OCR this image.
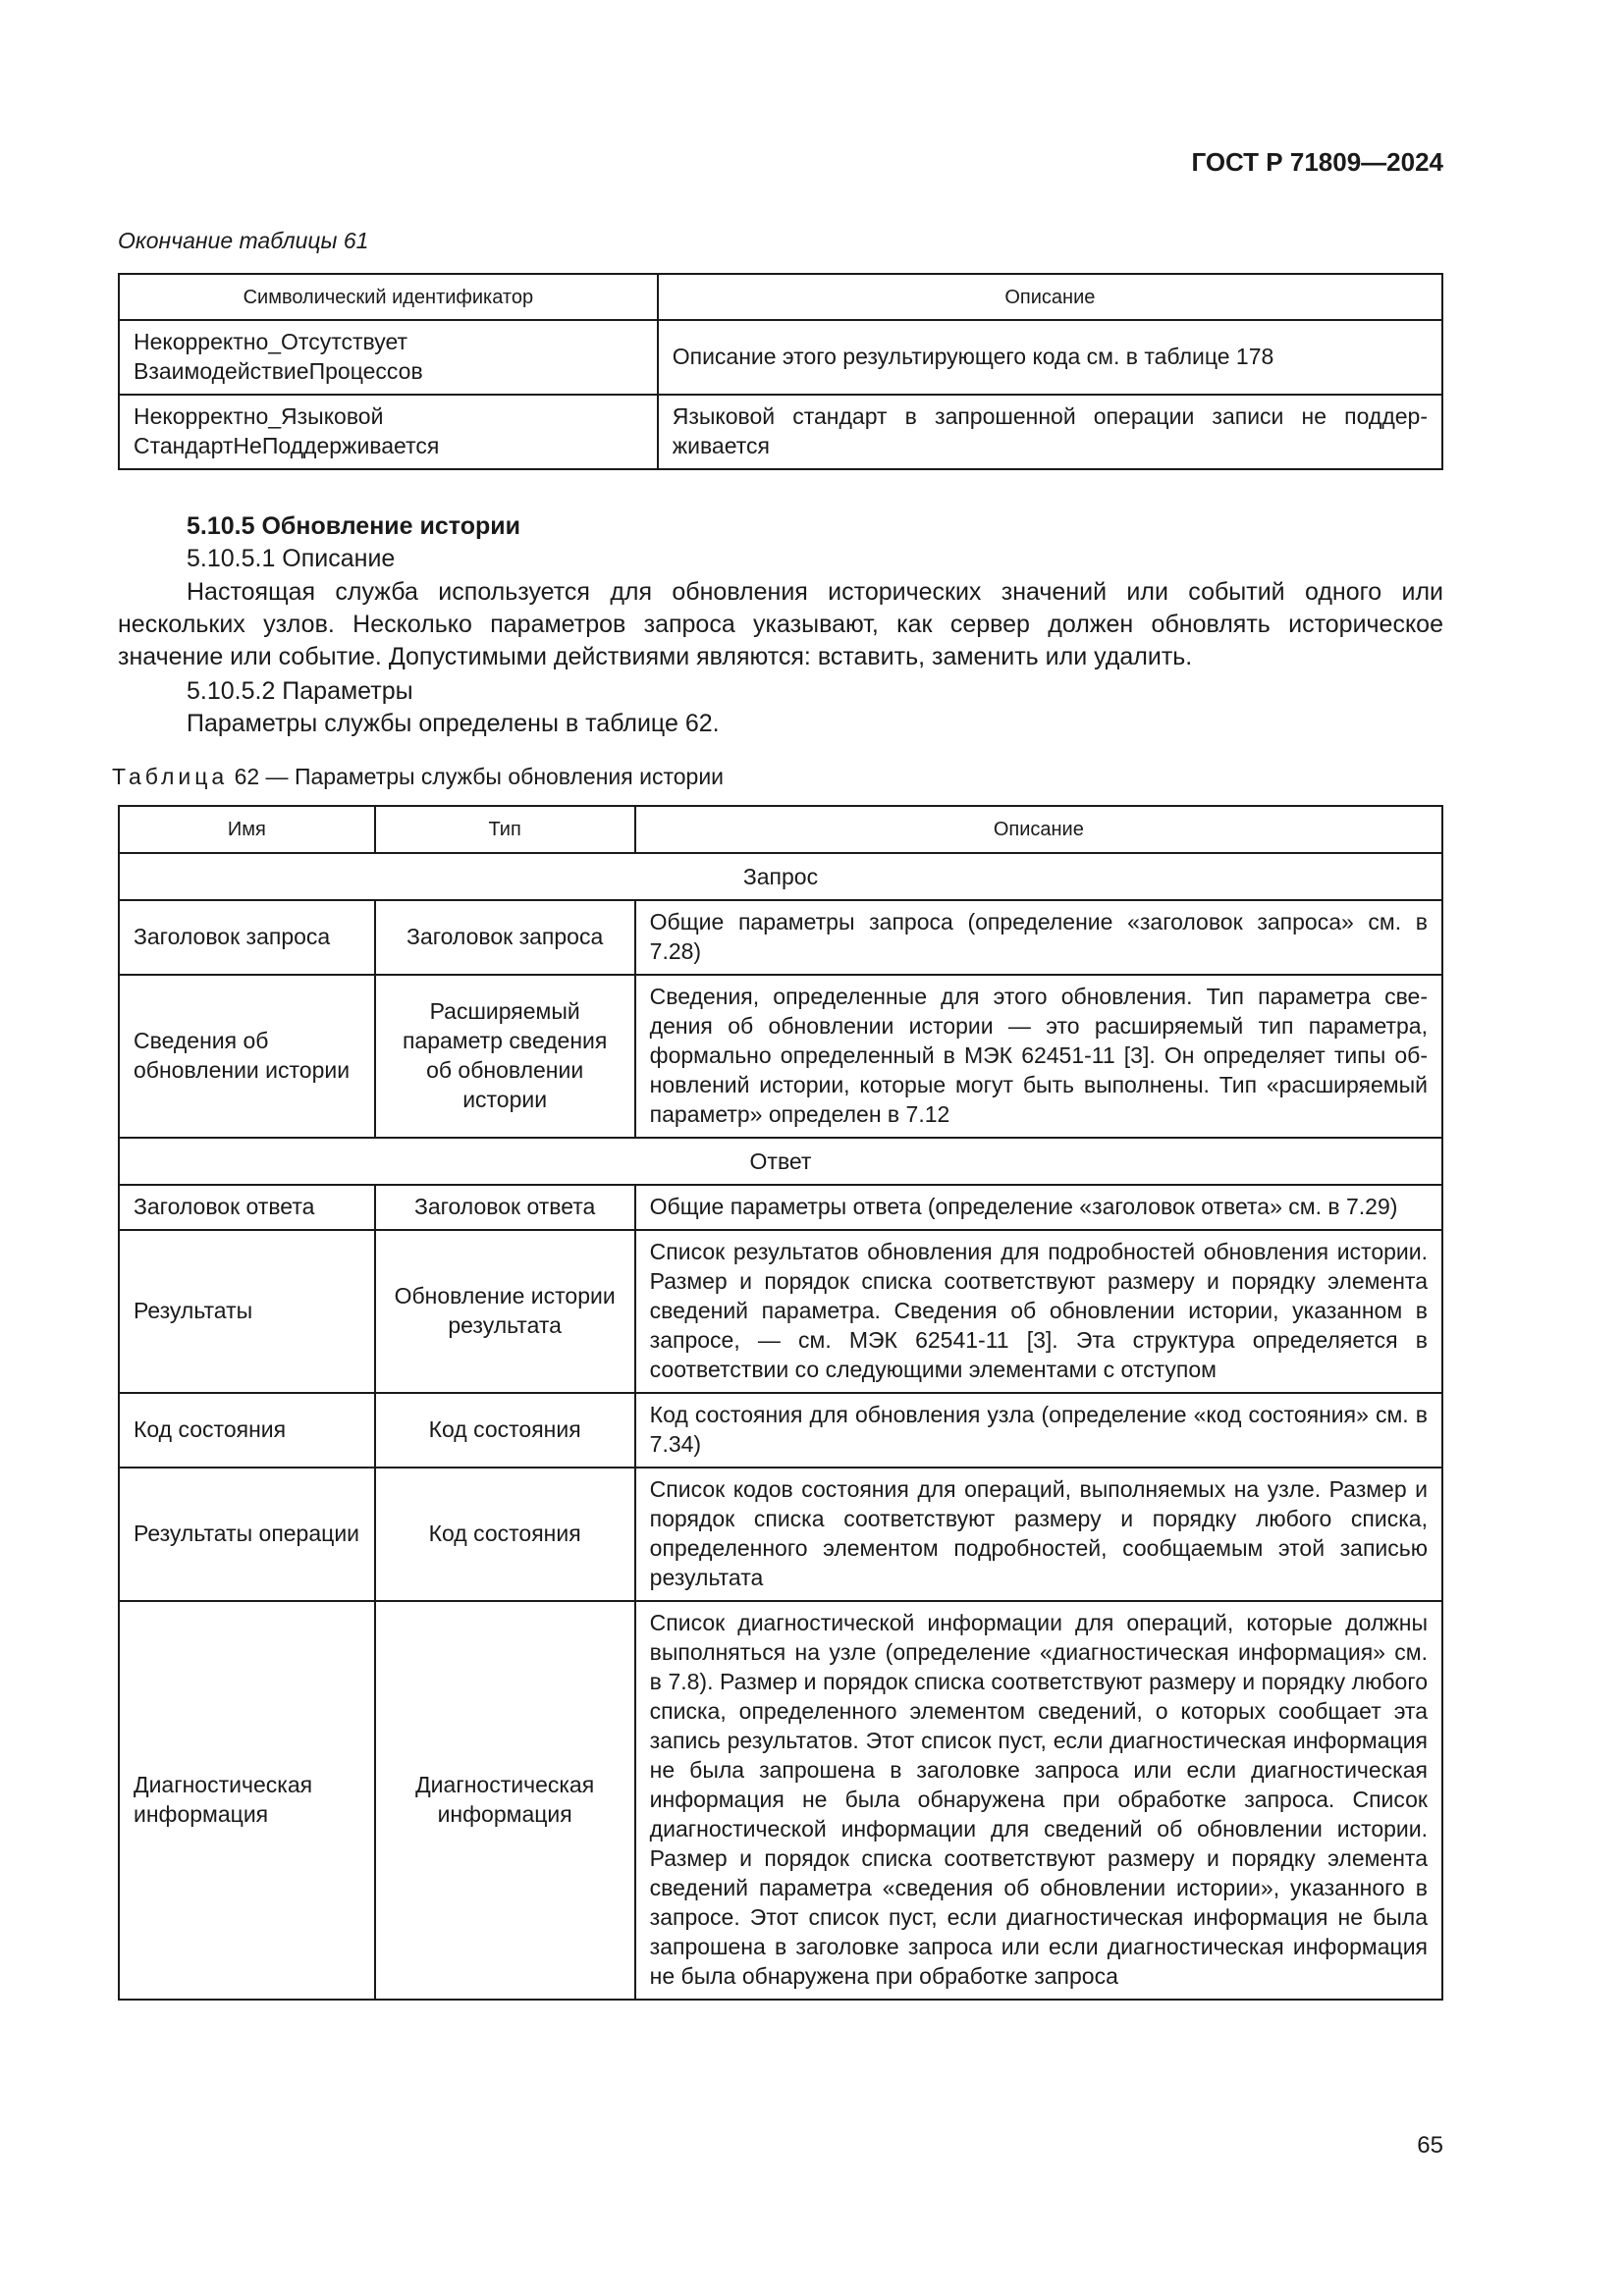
ГОСТ Р 71809—2024
Окончание таблицы 61
Символический идентификатор	Описание
Некорректно_Отсутствует
ВзаимодействиеПроцессов	Описание этого результирующего кода см. в таблице 178
Некорректно_Языковой
СтандартНеПоддерживается	Языковой стандарт в запрошенной операции записи не поддерживается
5.10.5 Обновление истории
5.10.5.1 Описание
Настоящая служба используется для обновления исторических значений или событий одного или нескольких узлов. Несколько параметров запроса указывают, как сервер должен обновлять историческое значение или событие. Допустимыми действиями являются: вставить, заменить или удалить.
5.10.5.2 Параметры
Параметры службы определены в таблице 62.
Таблица 62 — Параметры службы обновления истории
Имя	Тип	Описание
Запрос		
Заголовок запроса	Заголовок запроса	Общие параметры запроса (определение «заголовок запроса» см. в 7.28)
Сведения об обновлении истории	Расширяемый параметр сведения об обновлении истории	Сведения, определенные для этого обновления. Тип параметра сведения об обновлении истории — это расширяемый тип параметра, формально определенный в МЭК 62451-11 [3]. Он определяет типы обновлений истории, которые могут быть выполнены. Тип «расширяемый параметр» определен в 7.12
Ответ		
Заголовок ответа	Заголовок ответа	Общие параметры ответа (определение «заголовок ответа» см. в 7.29)
Результаты	Обновление истории результата	Список результатов обновления для подробностей обновления истории. Размер и порядок списка соответствуют размеру и порядку элемента сведений параметра. Сведения об обновлении истории, указанном в запросе, — см. МЭК 62541-11 [3]. Эта структура определяется в соответствии со следующими элементами с отступом
Код состояния	Код состояния	Код состояния для обновления узла (определение «код состояния» см. в 7.34)
Результаты операции	Код состояния	Список кодов состояния для операций, выполняемых на узле. Размер и порядок списка соответствуют размеру и порядку любого списка, определенного элементом подробностей, сообщаемым этой записью результата
Диагностическая информация	Диагностическая информация	Список диагностической информации для операций, которые должны выполняться на узле (определение «диагностическая информация» см. в 7.8). Размер и порядок списка соответствуют размеру и порядку любого списка, определенного элементом сведений, о которых сообщает эта запись результатов. Этот список пуст, если диагностическая информация не была запрошена в заголовке запроса или если диагностическая информация не была обнаружена при обработке запроса. Список диагностической информации для сведений об обновлении истории. Размер и порядок списка соответствуют размеру и порядку элемента сведений параметра «сведения об обновлении истории», указанного в запросе. Этот список пуст, если диагностическая информация не была запрошена в заголовке запроса или если диагностическая информация не была обнаружена при обработке запроса
65
